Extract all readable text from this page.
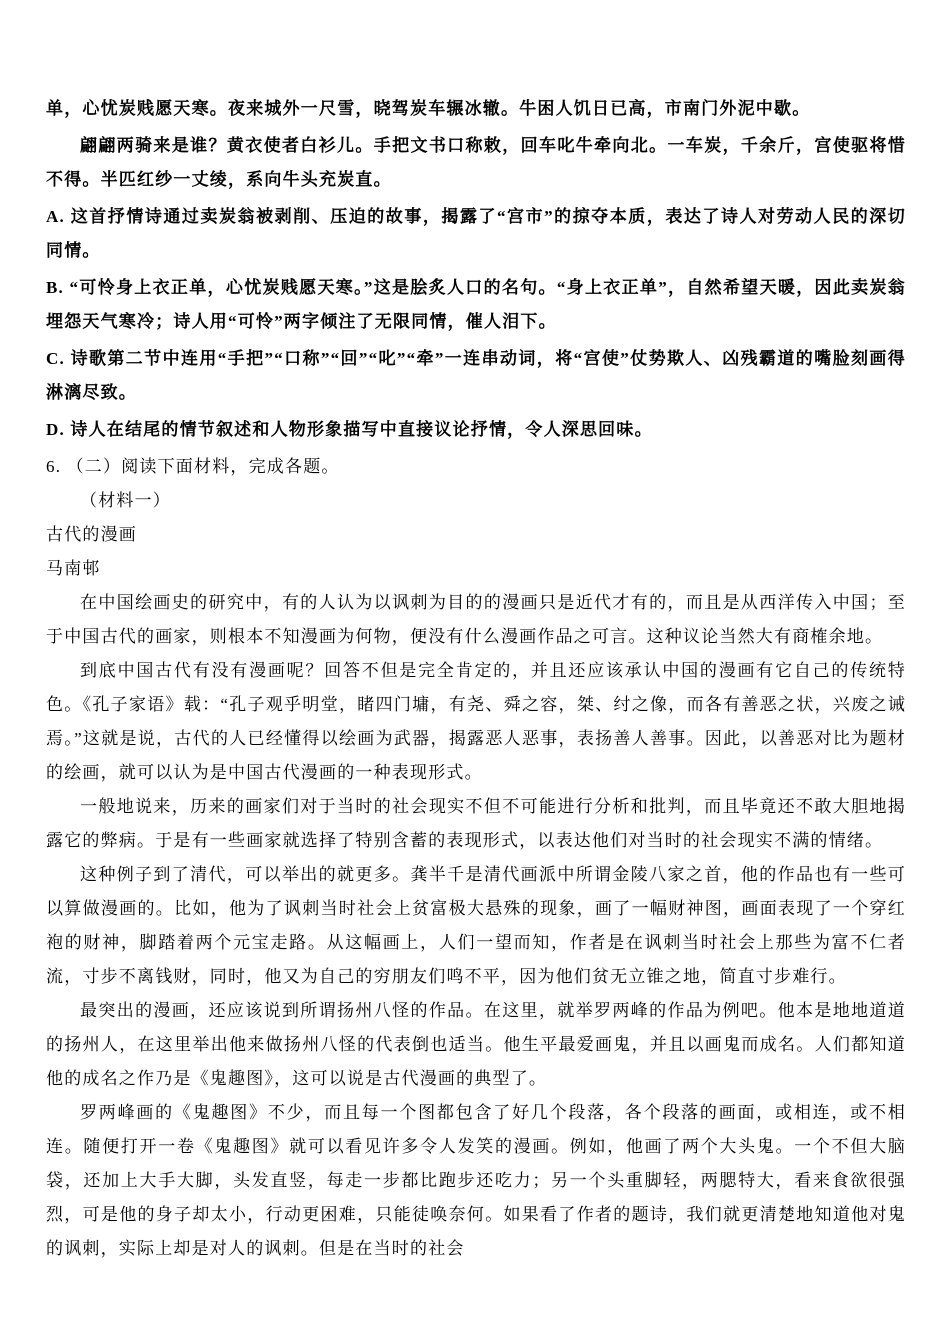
单，心忧炭贱愿天寒。夜来城外一尺雪，晓驾炭车辗冰辙。牛困人饥日已高，市南门外泥中歇。

翩翩两骑来是谁？黄衣使者白衫儿。手把文书口称敕，回车叱牛牵向北。一车炭，千余斤，宫使驱将惜不得。半匹红纱一丈绫，系向牛头充炭直。

A. 这首抒情诗通过卖炭翁被剥削、压迫的故事，揭露了“宫市”的掠夺本质，表达了诗人对劳动人民的深切同情。

B. “可怜身上衣正单，心忧炭贱愿天寒。”这是脍炙人口的名句。“身上衣正单”，自然希望天暖，因此卖炭翁埋怨天气寒冷；诗人用“可怜”两字倾注了无限同情，催人泪下。

C. 诗歌第二节中连用“手把”“口称”“回”“叱”“牵”一连串动词，将“宫使”仗势欺人、凶残霸道的嘴脸刻画得淋漓尽致。

D. 诗人在结尾的情节叙述和人物形象描写中直接议论抒情，令人深思回味。

6. （二）阅读下面材料，完成各题。

（材料一）

古代的漫画

马南邨

在中国绘画史的研究中，有的人认为以讽刺为目的的漫画只是近代才有的，而且是从西洋传入中国；至于中国古代的画家，则根本不知漫画为何物，便没有什么漫画作品之可言。这种议论当然大有商榷余地。

到底中国古代有没有漫画呢？回答不但是完全肯定的，并且还应该承认中国的漫画有它自己的传统特色。《孔子家语》载：“孔子观乎明堂，睹四门墉，有尧、舜之容，桀、纣之像，而各有善恶之状，兴废之诫焉。”这就是说，古代的人已经懂得以绘画为武器，揭露恶人恶事，表扬善人善事。因此，以善恶对比为题材的绘画，就可以认为是中国古代漫画的一种表现形式。

一般地说来，历来的画家们对于当时的社会现实不但不可能进行分析和批判，而且毕竟还不敢大胆地揭露它的弊病。于是有一些画家就选择了特别含蓄的表现形式，以表达他们对当时的社会现实不满的情绪。

这种例子到了清代，可以举出的就更多。龚半千是清代画派中所谓金陵八家之首，他的作品也有一些可以算做漫画的。比如，他为了讽刺当时社会上贫富极大悬殊的现象，画了一幅财神图，画面表现了一个穿红袍的财神，脚踏着两个元宝走路。从这幅画上，人们一望而知，作者是在讽刺当时社会上那些为富不仁者流，寸步不离钱财，同时，他又为自己的穷朋友们鸣不平，因为他们贫无立锥之地，简直寸步难行。

最突出的漫画，还应该说到所谓扬州八怪的作品。在这里，就举罗两峰的作品为例吧。他本是地地道道的扬州人，在这里举出他来做扬州八怪的代表倒也适当。他生平最爱画鬼，并且以画鬼而成名。人们都知道他的成名之作乃是《鬼趣图》，这可以说是古代漫画的典型了。

罗两峰画的《鬼趣图》不少，而且每一个图都包含了好几个段落，各个段落的画面，或相连，或不相连。随便打开一卷《鬼趣图》就可以看见许多令人发笑的漫画。例如，他画了两个大头鬼。一个不但大脑袋，还加上大手大脚，头发直竖，每走一步都比跑步还吃力；另一个头重脚轻，两腮特大，看来食欲很强烈，可是他的身子却太小，行动更困难，只能徒唤奈何。如果看了作者的题诗，我们就更清楚地知道他对鬼的讽刺，实际上却是对人的讽刺。但是在当时的社会
